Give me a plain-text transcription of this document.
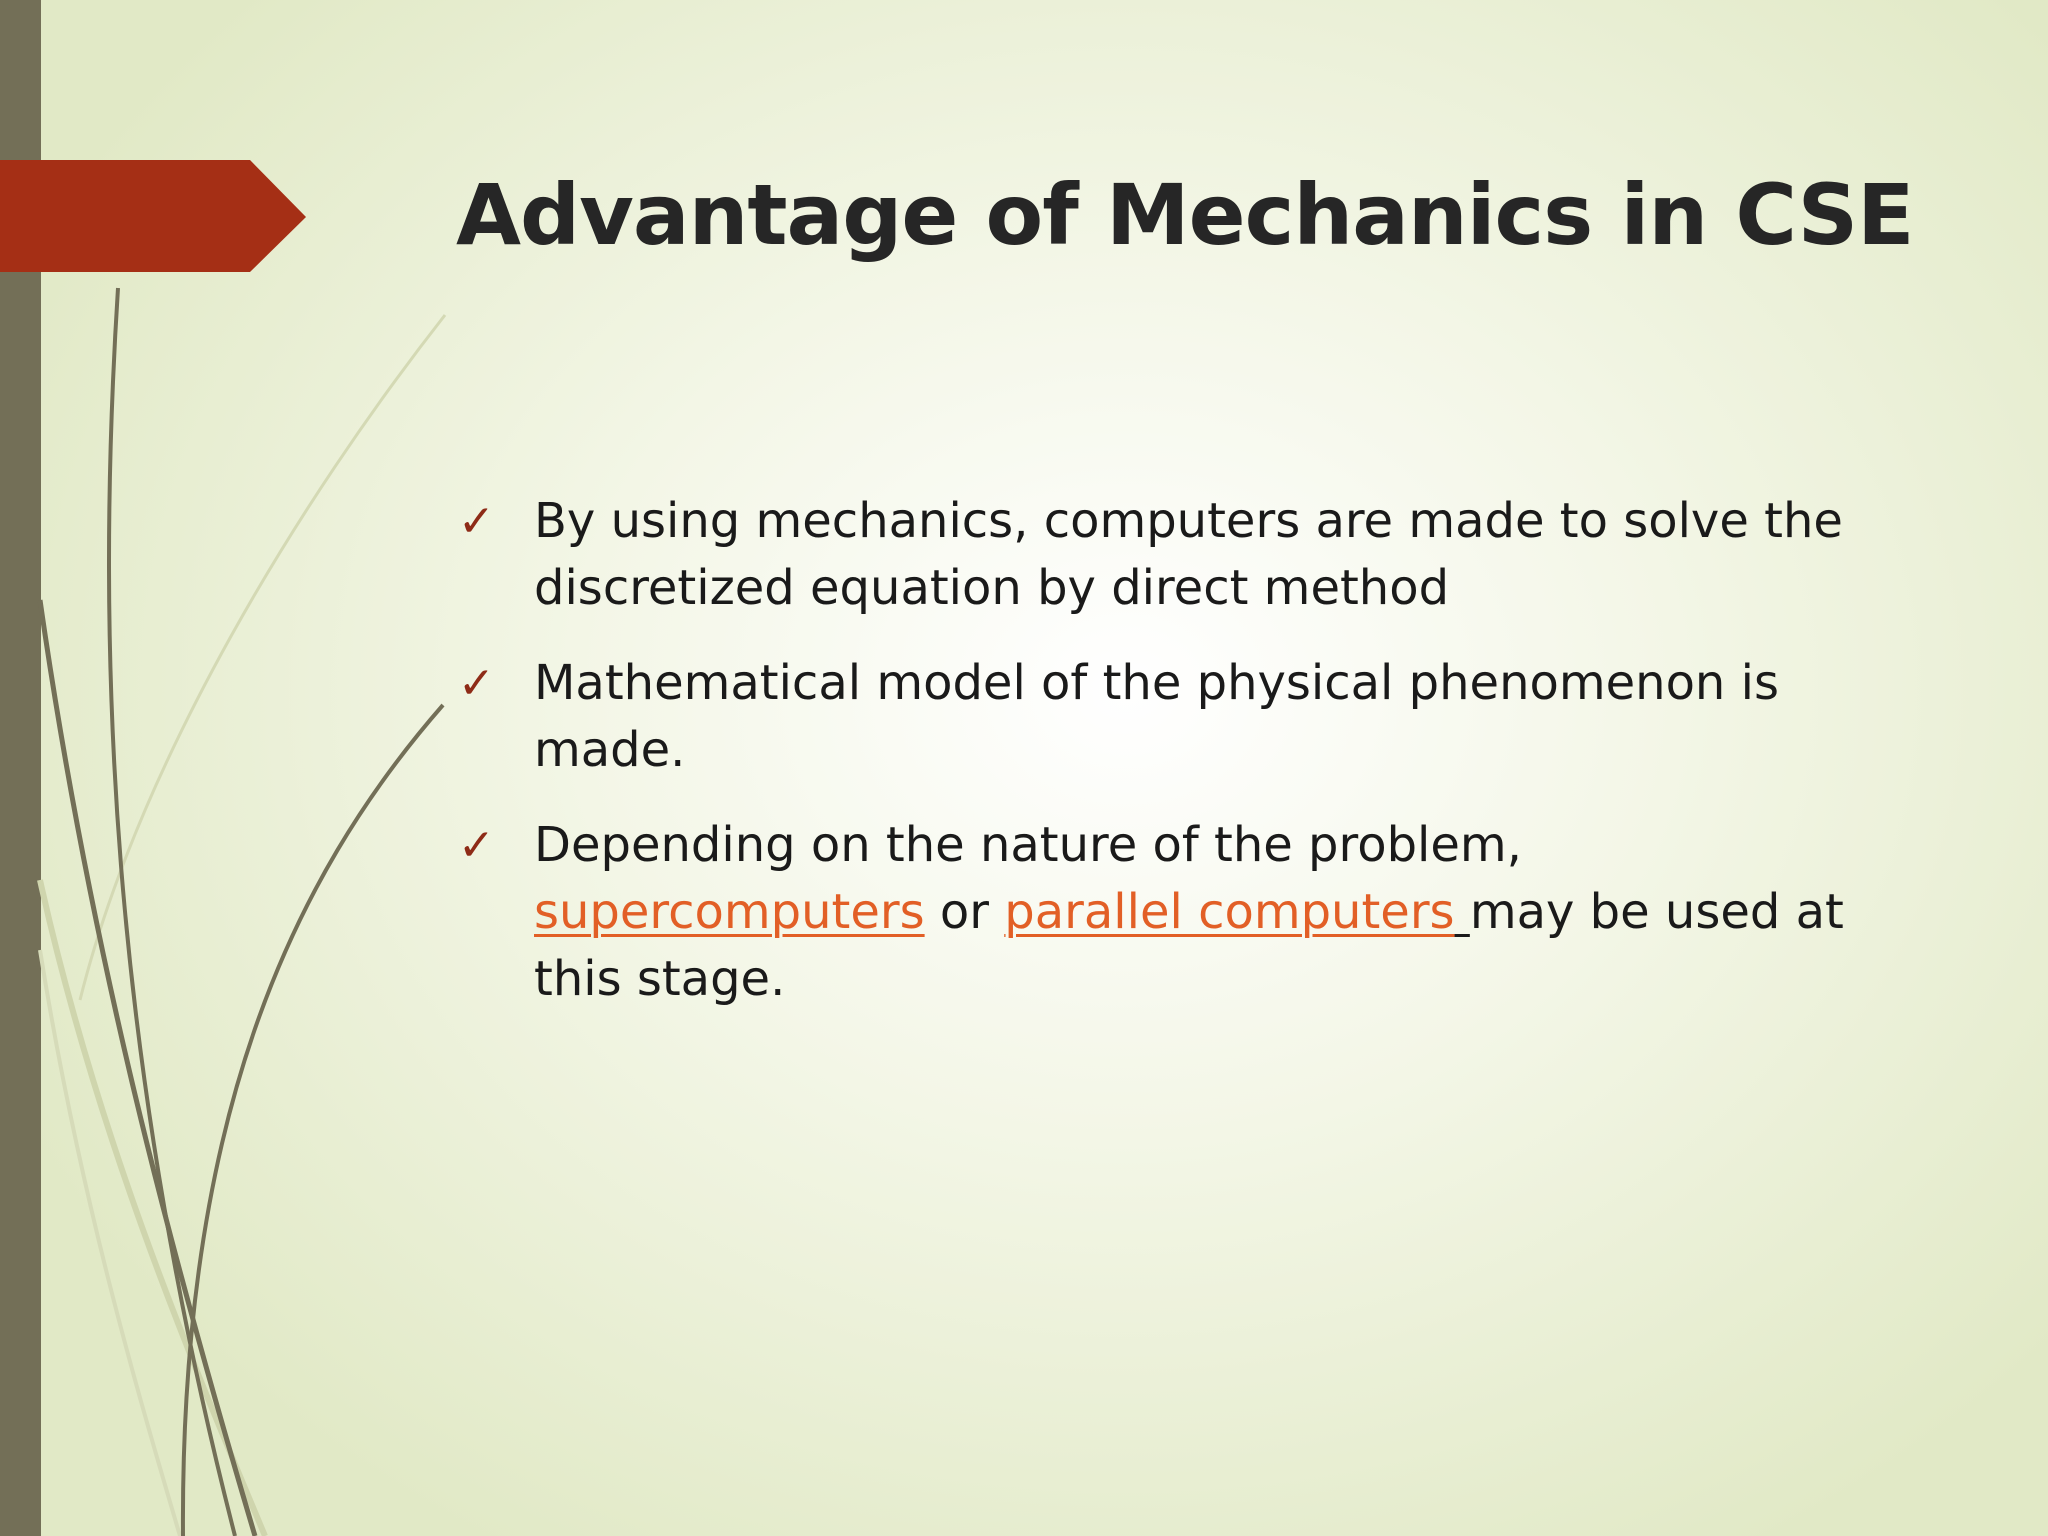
Advantage of Mechanics in CSE
✓ By using mechanics, computers are made to solve the discretized equation by direct method
✓ Mathematical model of the physical phenomenon is made.
✓ Depending on the nature of the problem, supercomputers or parallel computers may be used at this stage.
